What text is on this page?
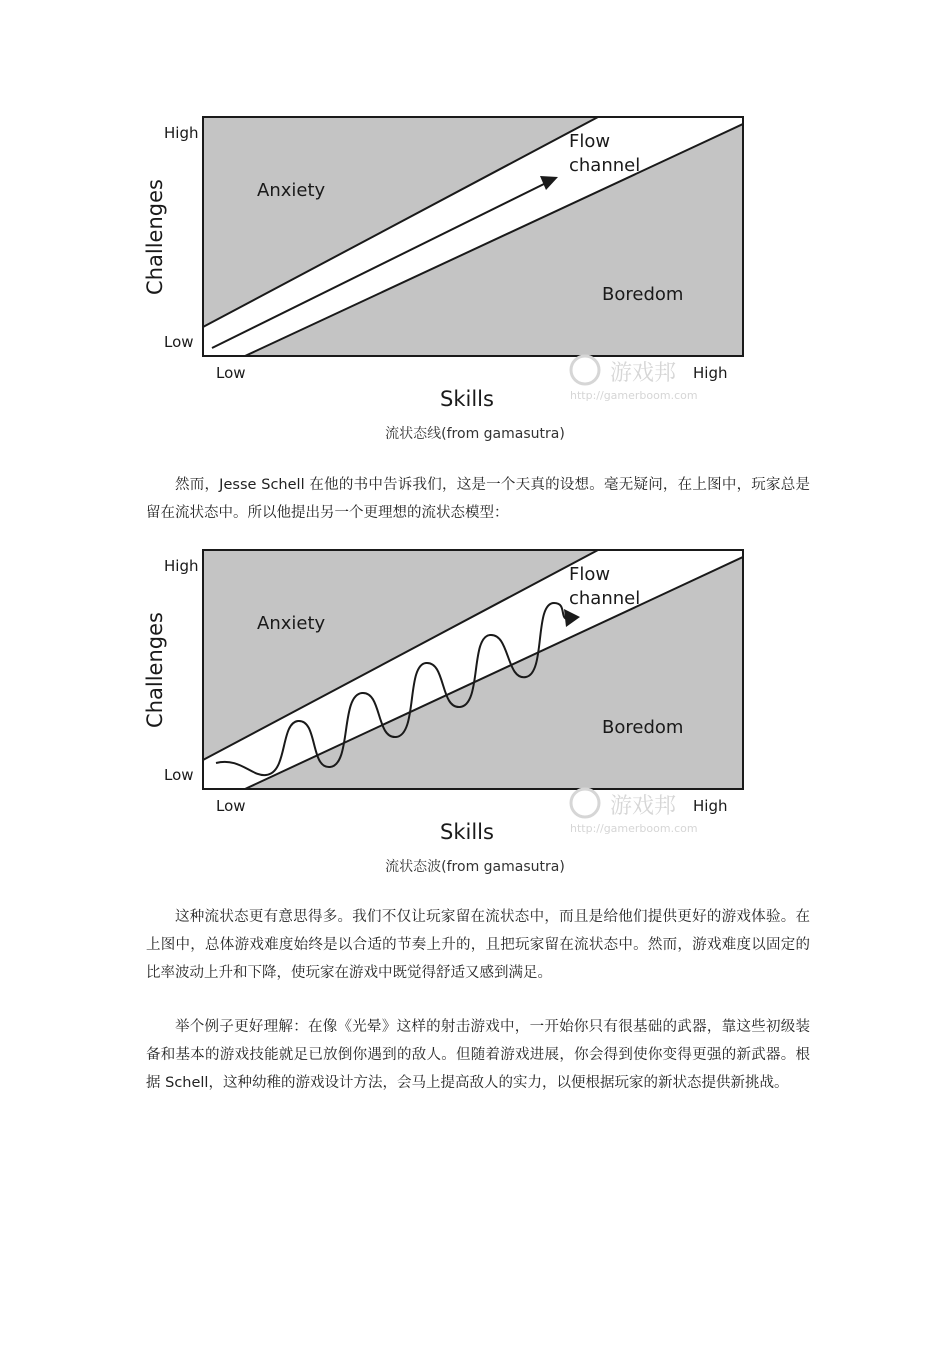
游戏邦
http://gamerboom.com
High
Low
Low	High
Challenges
Skills
Anxiety
Boredom
Flow
channel
流状态线(from gamasutra)

然而，Jesse Schell 在他的书中告诉我们，这是一个天真的设想。毫无疑问，在上图中，玩家总是留在流状态中。所以他提出另一个更理想的流状态模型：

游戏邦
http://gamerboom.com
High
Low
Low	High
Challenges
Skills
Anxiety
Boredom
Flow
channel
流状态波(from gamasutra)

这种流状态更有意思得多。我们不仅让玩家留在流状态中，而且是给他们提供更好的游戏体验。在上图中，总体游戏难度始终是以合适的节奏上升的，且把玩家留在流状态中。然而，游戏难度以固定的比率波动上升和下降，使玩家在游戏中既觉得舒适又感到满足。

举个例子更好理解：在像《光晕》这样的射击游戏中，一开始你只有很基础的武器，靠这些初级装备和基本的游戏技能就足已放倒你遇到的敌人。但随着游戏进展，你会得到使你变得更强的新武器。根据 Schell，这种幼稚的游戏设计方法，会马上提高敌人的实力，以便根据玩家的新状态提供新挑战。
